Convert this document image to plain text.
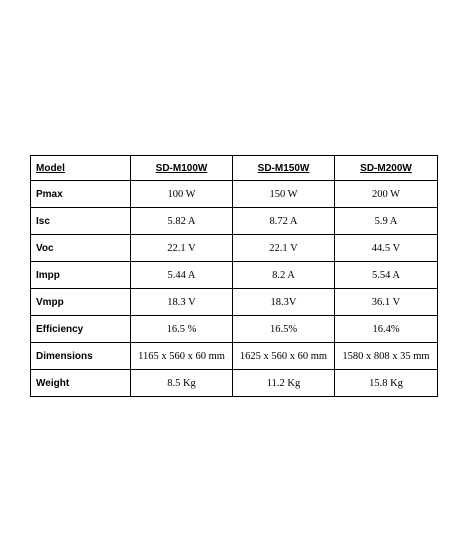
Model	SD-M100W	SD-M150W	SD-M200W
Pmax	100 W	150 W	200 W
Isc	5.82 A	8.72 A	5.9 A
Voc	22.1 V	22.1 V	44.5 V
Impp	5.44 A	8.2 A	5.54 A
Vmpp	18.3 V	18.3V	36.1 V
Efficiency	16.5 %	16.5%	16.4%
Dimensions	1165 x 560 x 60 mm	1625 x 560 x 60 mm	1580 x 808 x 35 mm
Weight	8.5 Kg	11.2 Kg	15.8 Kg
